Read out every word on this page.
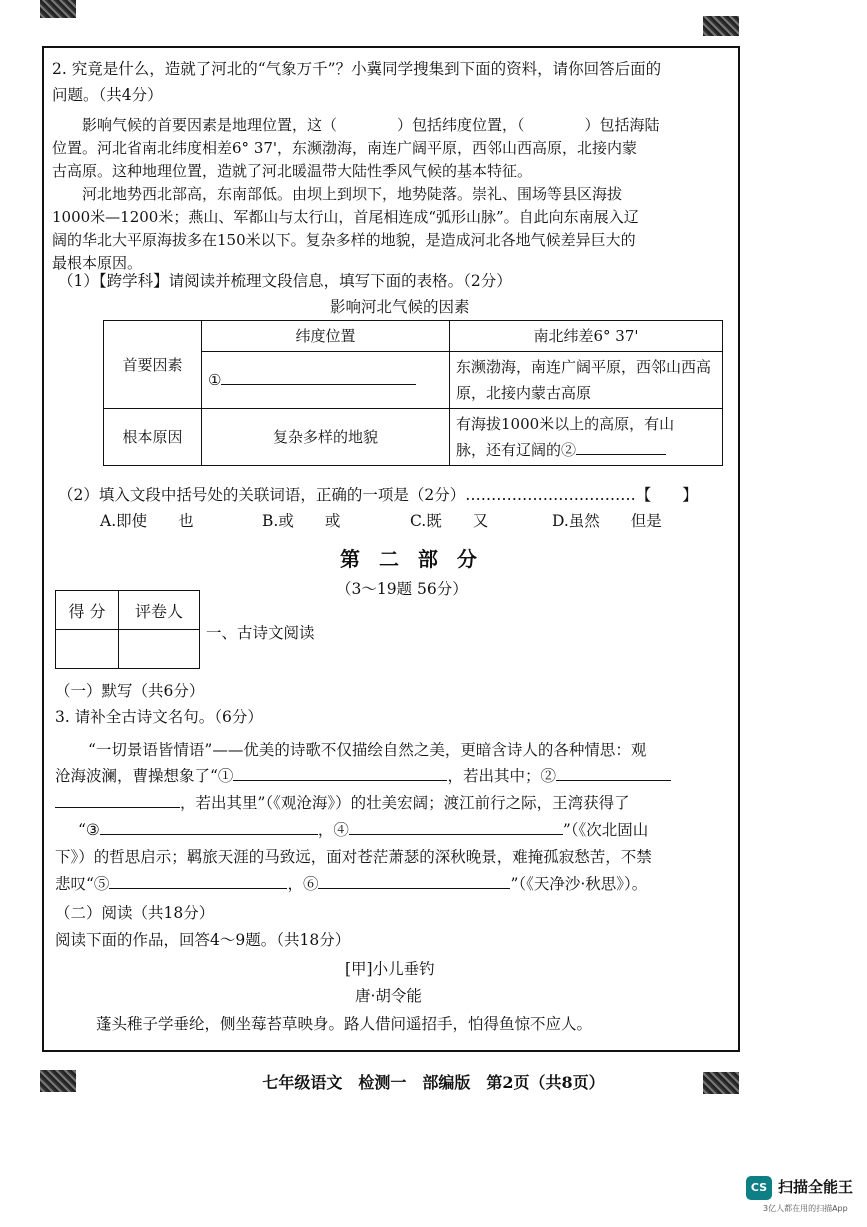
2. 究竟是什么，造就了河北的“气象万千”？小冀同学搜集到下面的资料，请你回答后面的
问题。（共4分）
影响气候的首要因素是地理位置，这（	）包括纬度位置，（	）包括海陆
位置。河北省南北纬度相差6° 37'，东濒渤海，南连广阔平原，西邻山西高原，北接内蒙
古高原。这种地理位置，造就了河北暖温带大陆性季风气候的基本特征。
河北地势西北部高，东南部低。由坝上到坝下，地势陡落。崇礼、围场等县区海拔
1000米—1200米；燕山、军都山与太行山，首尾相连成“弧形山脉”。自此向东南展入辽
阔的华北大平原海拔多在150米以下。复杂多样的地貌，是造成河北各地气候差异巨大的
最根本原因。
（1）【跨学科】请阅读并梳理文段信息，填写下面的表格。（2分）
影响河北气候的因素
首要因素	纬度位置	南北纬差6° 37'
	①	东濒渤海，南连广阔平原，西邻山西高原，北接内蒙古高原
根本原因	复杂多样的地貌	有海拔1000米以上的高原，有山
脉，还有辽阔的②
（2）填入文段中括号处的关联词语，正确的一项是（2分）……………………………【　　】
A.即使　　也	B.或　　或	C.既　　又	D.虽然　　但是
第 二 部 分
（3～19题 56分）
得 分	评卷人

一、古诗文阅读
（一）默写（共6分）
3. 请补全古诗文名句。（6分）
“一切景语皆情语”——优美的诗歌不仅描绘自然之美，更暗含诗人的各种情思：观
沧海波澜，曹操想象了“①	，若出其中；②
，若出其里”（《观沧海》）的壮美宏阔；渡江前行之际，王湾获得了
“③	，④	”（《次北固山
下》）的哲思启示；羁旅天涯的马致远，面对苍茫萧瑟的深秋晚景，难掩孤寂愁苦，不禁
悲叹“⑤	，⑥	”（《天净沙·秋思》）。
（二）阅读（共18分）
阅读下面的作品，回答4～9题。（共18分）
[甲]小儿垂钓
唐·胡令能
蓬头稚子学垂纶，侧坐莓苔草映身。路人借问遥招手，怕得鱼惊不应人。
七年级语文　检测一　部编版　第2页（共8页）
CS 扫描全能王
3亿人都在用的扫描App
